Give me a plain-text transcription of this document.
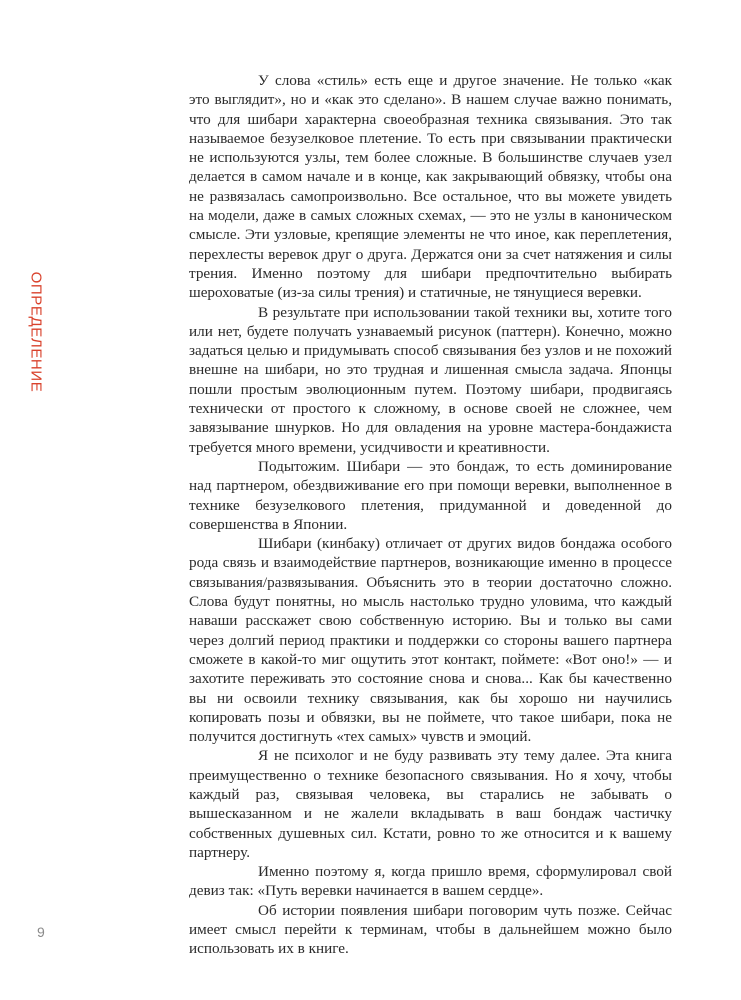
ОПРЕДЕЛЕНИЕ

У слова «стиль» есть еще и другое значение. Не только «как это выглядит», но и «как это сделано». В нашем случае важно понимать, что для шибари характерна своеобразная техника связывания. Это так называемое безузелковое плетение. То есть при связывании практически не используются узлы, тем более сложные. В большинстве случаев узел делается в самом начале и в конце, как закрывающий обвязку, чтобы она не развязалась самопроизвольно. Все остальное, что вы можете увидеть на модели, даже в самых сложных схемах, — это не узлы в каноническом смысле. Эти узловые, крепящие элементы не что иное, как переплетения, перехлесты веревок друг о друга. Держатся они за счет натяжения и силы трения. Именно поэтому для шибари предпочтительно выбирать шероховатые (из-за силы трения) и статичные, не тянущиеся веревки.

В результате при использовании такой техники вы, хотите того или нет, будете получать узнаваемый рисунок (паттерн). Конечно, можно задаться целью и придумывать способ связывания без узлов и не похожий внешне на шибари, но это трудная и лишенная смысла задача. Японцы пошли простым эволюционным путем. Поэтому шибари, продвигаясь технически от простого к сложному, в основе своей не сложнее, чем завязывание шнурков. Но для овладения на уровне мастера-бондажиста требуется много времени, усидчивости и креативности.

Подытожим. Шибари — это бондаж, то есть доминирование над партнером, обездвиживание его при помощи веревки, выполненное в технике безузелкового плетения, придуманной и доведенной до совершенства в Японии.

Шибари (кинбаку) отличает от других видов бондажа особого рода связь и взаимодействие партнеров, возникающие именно в процессе связывания/развязывания. Объяснить это в теории достаточно сложно. Слова будут понятны, но мысль настолько трудно уловима, что каждый наваши расскажет свою собственную историю. Вы и только вы сами через долгий период практики и поддержки со стороны вашего партнера сможете в какой-то миг ощутить этот контакт, поймете: «Вот оно!» — и захотите переживать это состояние снова и снова... Как бы качественно вы ни освоили технику связывания, как бы хорошо ни научились копировать позы и обвязки, вы не поймете, что такое шибари, пока не получится достигнуть «тех самых» чувств и эмоций.

Я не психолог и не буду развивать эту тему далее. Эта книга преимущественно о технике безопасного связывания. Но я хочу, чтобы каждый раз, связывая человека, вы старались не забывать о вышесказанном и не жалели вкладывать в ваш бондаж частичку собственных душевных сил. Кстати, ровно то же относится и к вашему партнеру.

Именно поэтому я, когда пришло время, сформулировал свой девиз так: «Путь веревки начинается в вашем сердце».

Об истории появления шибари поговорим чуть позже. Сейчас имеет смысл перейти к терминам, чтобы в дальнейшем можно было использовать их в книге.

9
